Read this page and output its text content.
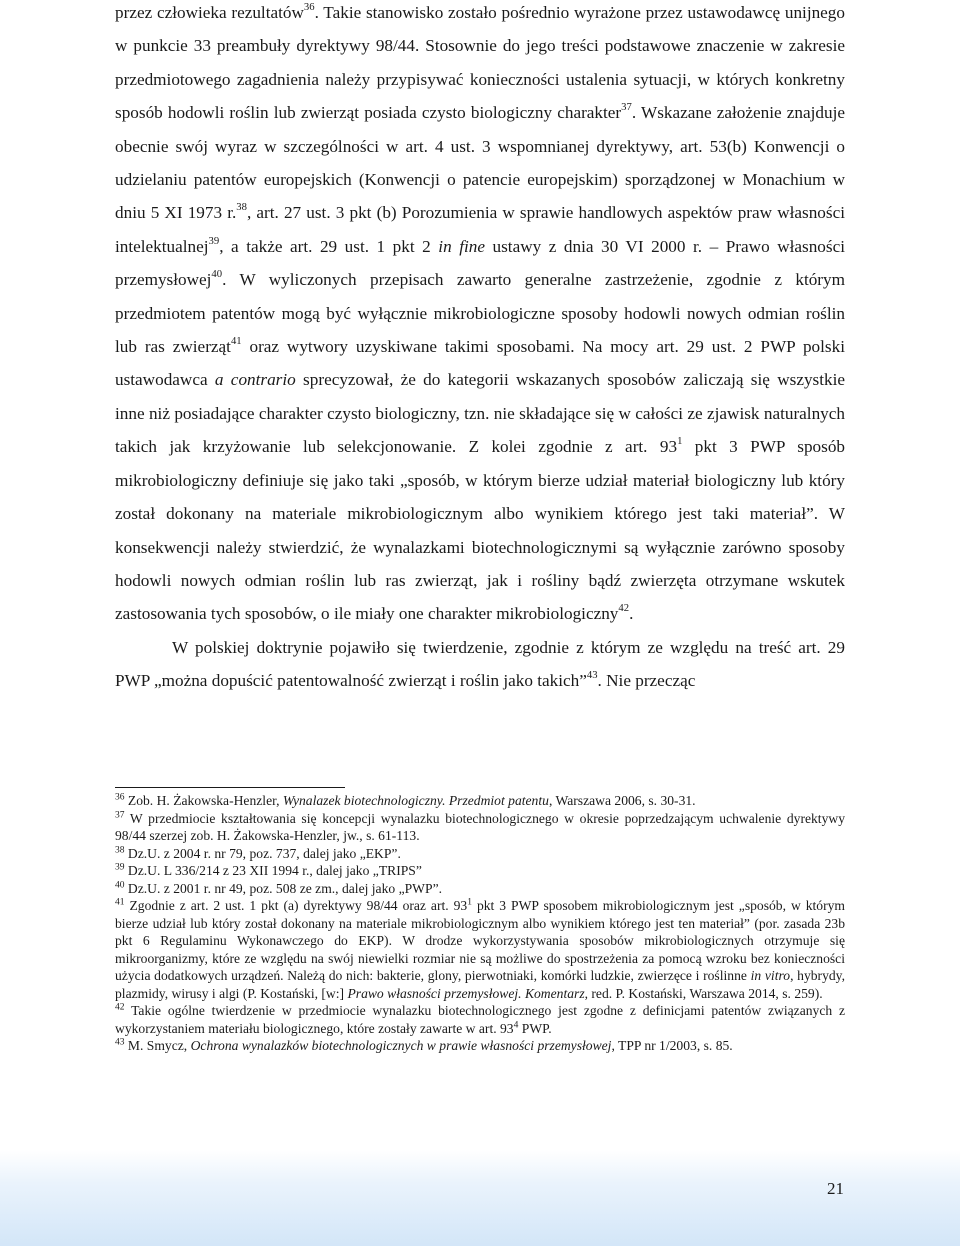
przez człowieka rezultatów$^{36}$. Takie stanowisko zostało pośrednio wyrażone przez ustawodawcę unijnego w punkcie 33 preambuły dyrektywy 98/44. Stosownie do jego treści podstawowe znaczenie w zakresie przedmiotowego zagadnienia należy przypisywać konieczności ustalenia sytuacji, w których konkretny sposób hodowli roślin lub zwierząt posiada czysto biologiczny charakter$^{37}$. Wskazane założenie znajduje obecnie swój wyraz w szczególności w art. 4 ust. 3 wspomnianej dyrektywy, art. 53(b) Konwencji o udzielaniu patentów europejskich (Konwencji o patencie europejskim) sporządzonej w Monachium w dniu 5 XI 1973 r.$^{38}$, art. 27 ust. 3 pkt (b) Porozumienia w sprawie handlowych aspektów praw własności intelektualnej$^{39}$, a także art. 29 ust. 1 pkt 2 in fine ustawy z dnia 30 VI 2000 r. – Prawo własności przemysłowej$^{40}$. W wyliczonych przepisach zawarto generalne zastrzeżenie, zgodnie z którym przedmiotem patentów mogą być wyłącznie mikrobiologiczne sposoby hodowli nowych odmian roślin lub ras zwierząt$^{41}$ oraz wytwory uzyskiwane takimi sposobami. Na mocy art. 29 ust. 2 PWP polski ustawodawca a contrario sprecyzował, że do kategorii wskazanych sposobów zaliczają się wszystkie inne niż posiadające charakter czysto biologiczny, tzn. nie składające się w całości ze zjawisk naturalnych takich jak krzyżowanie lub selekcjonowanie. Z kolei zgodnie z art. $93^1$ pkt 3 PWP sposób mikrobiologiczny definiuje się jako taki „sposób, w którym bierze udział materiał biologiczny lub który został dokonany na materiale mikrobiologicznym albo wynikiem którego jest taki materiał”. W konsekwencji należy stwierdzić, że wynalazkami biotechnologicznymi są wyłącznie zarówno sposoby hodowli nowych odmian roślin lub ras zwierząt, jak i rośliny bądź zwierzęta otrzymane wskutek zastosowania tych sposobów, o ile miały one charakter mikrobiologiczny$^{42}$.

W polskiej doktrynie pojawiło się twierdzenie, zgodnie z którym ze względu na treść art. 29 PWP „można dopuścić patentowalność zwierząt i roślin jako takich”$^{43}$. Nie przecząc

$^{36}$ Zob. H. Żakowska-Henzler, Wynalazek biotechnologiczny. Przedmiot patentu, Warszawa 2006, s. 30-31.

$^{37}$ W przedmiocie kształtowania się koncepcji wynalazku biotechnologicznego w okresie poprzedzającym uchwalenie dyrektywy 98/44 szerzej zob. H. Żakowska-Henzler, jw., s. 61-113.

$^{38}$ Dz.U. z 2004 r. nr 79, poz. 737, dalej jako „EKP”.

$^{39}$ Dz.U. L 336/214 z 23 XII 1994 r., dalej jako „TRIPS”

$^{40}$ Dz.U. z 2001 r. nr 49, poz. 508 ze zm., dalej jako „PWP”.

$^{41}$ Zgodnie z art. 2 ust. 1 pkt (a) dyrektywy 98/44 oraz art. $93^1$ pkt 3 PWP sposobem mikrobiologicznym jest „sposób, w którym bierze udział lub który został dokonany na materiale mikrobiologicznym albo wynikiem którego jest ten materiał” (por. zasada 23b pkt 6 Regulaminu Wykonawczego do EKP). W drodze wykorzystywania sposobów mikrobiologicznych otrzymuje się mikroorganizmy, które ze względu na swój niewielki rozmiar nie są możliwe do spostrzeżenia za pomocą wzroku bez konieczności użycia dodatkowych urządzeń. Należą do nich: bakterie, glony, pierwotniaki, komórki ludzkie, zwierzęce i roślinne in vitro, hybrydy, plazmidy, wirusy i algi (P. Kostański, [w:] Prawo własności przemysłowej. Komentarz, red. P. Kostański, Warszawa 2014, s. 259).

$^{42}$ Takie ogólne twierdzenie w przedmiocie wynalazku biotechnologicznego jest zgodne z definicjami patentów związanych z wykorzystaniem materiału biologicznego, które zostały zawarte w art. $93^4$ PWP.

$^{43}$ M. Smycz, Ochrona wynalazków biotechnologicznych w prawie własności przemysłowej, TPP nr 1/2003, s. 85.

21
